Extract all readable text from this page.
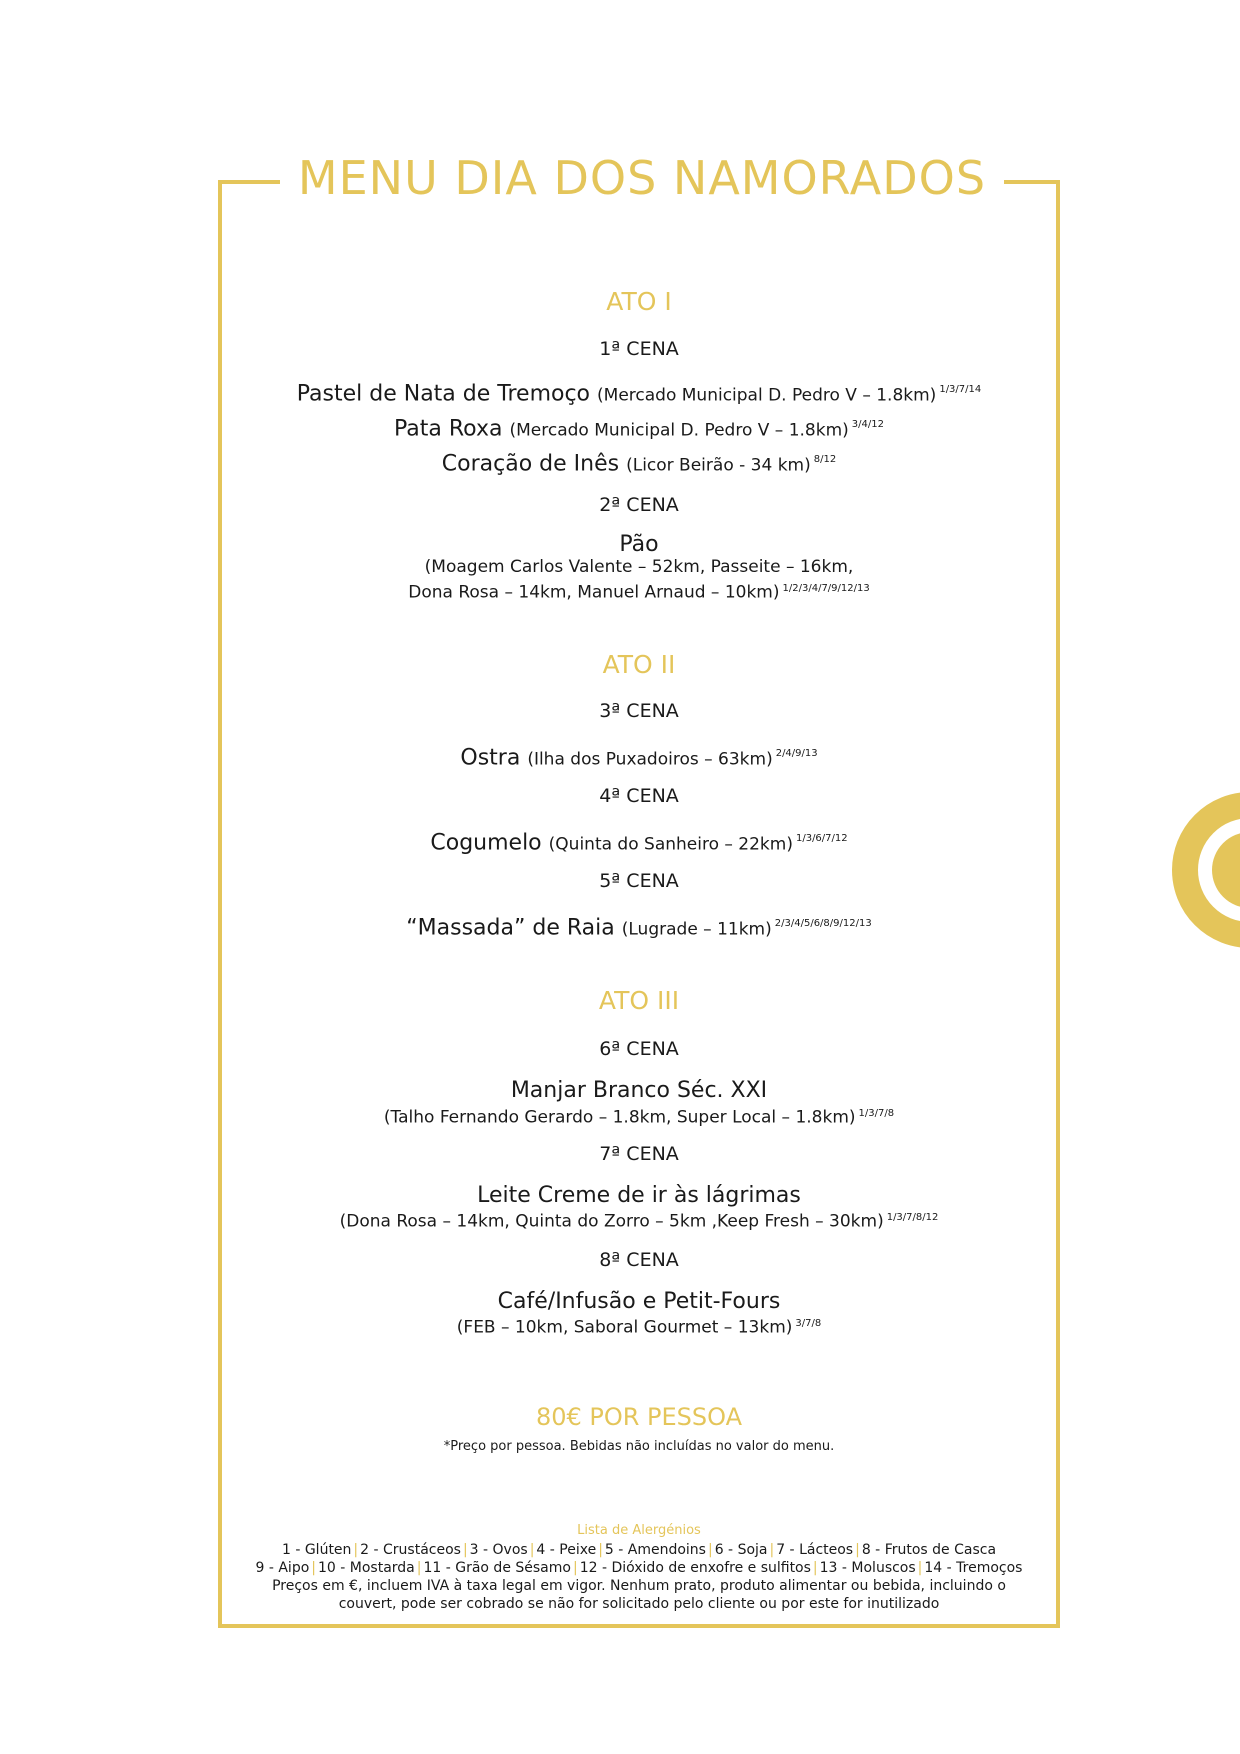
MENU DIA DOS NAMORADOS
ATO I
1ª CENA
Pastel de Nata de Tremoço (Mercado Municipal D. Pedro V – 1.8km) $^{1/3/7/14}$
Pata Roxa (Mercado Municipal D. Pedro V – 1.8km) $^{3/4/12}$
Coração de Inês (Licor Beirão - 34 km) $^{8/12}$
2ª CENA
Pão
(Moagem Carlos Valente – 52km, Passeite – 16km,
Dona Rosa – 14km, Manuel Arnaud – 10km) $^{1/2/3/4/7/9/12/13}$
ATO II
3ª CENA
Ostra (Ilha dos Puxadoiros – 63km) $^{2/4/9/13}$
4ª CENA
Cogumelo (Quinta do Sanheiro – 22km) $^{1/3/6/7/12}$
5ª CENA
“Massada” de Raia (Lugrade – 11km) $^{2/3/4/5/6/8/9/12/13}$
ATO III
6ª CENA
Manjar Branco Séc. XXI
(Talho Fernando Gerardo – 1.8km, Super Local – 1.8km) $^{1/3/7/8}$
7ª CENA
Leite Creme de ir às lágrimas
(Dona Rosa – 14km, Quinta do Zorro – 5km ,Keep Fresh – 30km) $^{1/3/7/8/12}$
8ª CENA
Café/Infusão e Petit-Fours
(FEB – 10km, Saboral Gourmet – 13km) $^{3/7/8}$
80€ POR PESSOA
*Preço por pessoa. Bebidas não incluídas no valor do menu.
Lista de Alergénios
1 - Glúten | 2 - Crustáceos | 3 - Ovos | 4 - Peixe | 5 - Amendoins | 6 - Soja | 7 - Lácteos | 8 - Frutos de Casca
9 - Aipo | 10 - Mostarda | 11 - Grão de Sésamo | 12 - Dióxido de enxofre e sulfitos | 13 - Moluscos | 14 - Tremoços
Preços em €, incluem IVA à taxa legal em vigor. Nenhum prato, produto alimentar ou bebida, incluindo o
couvert, pode ser cobrado se não for solicitado pelo cliente ou por este for inutilizado
